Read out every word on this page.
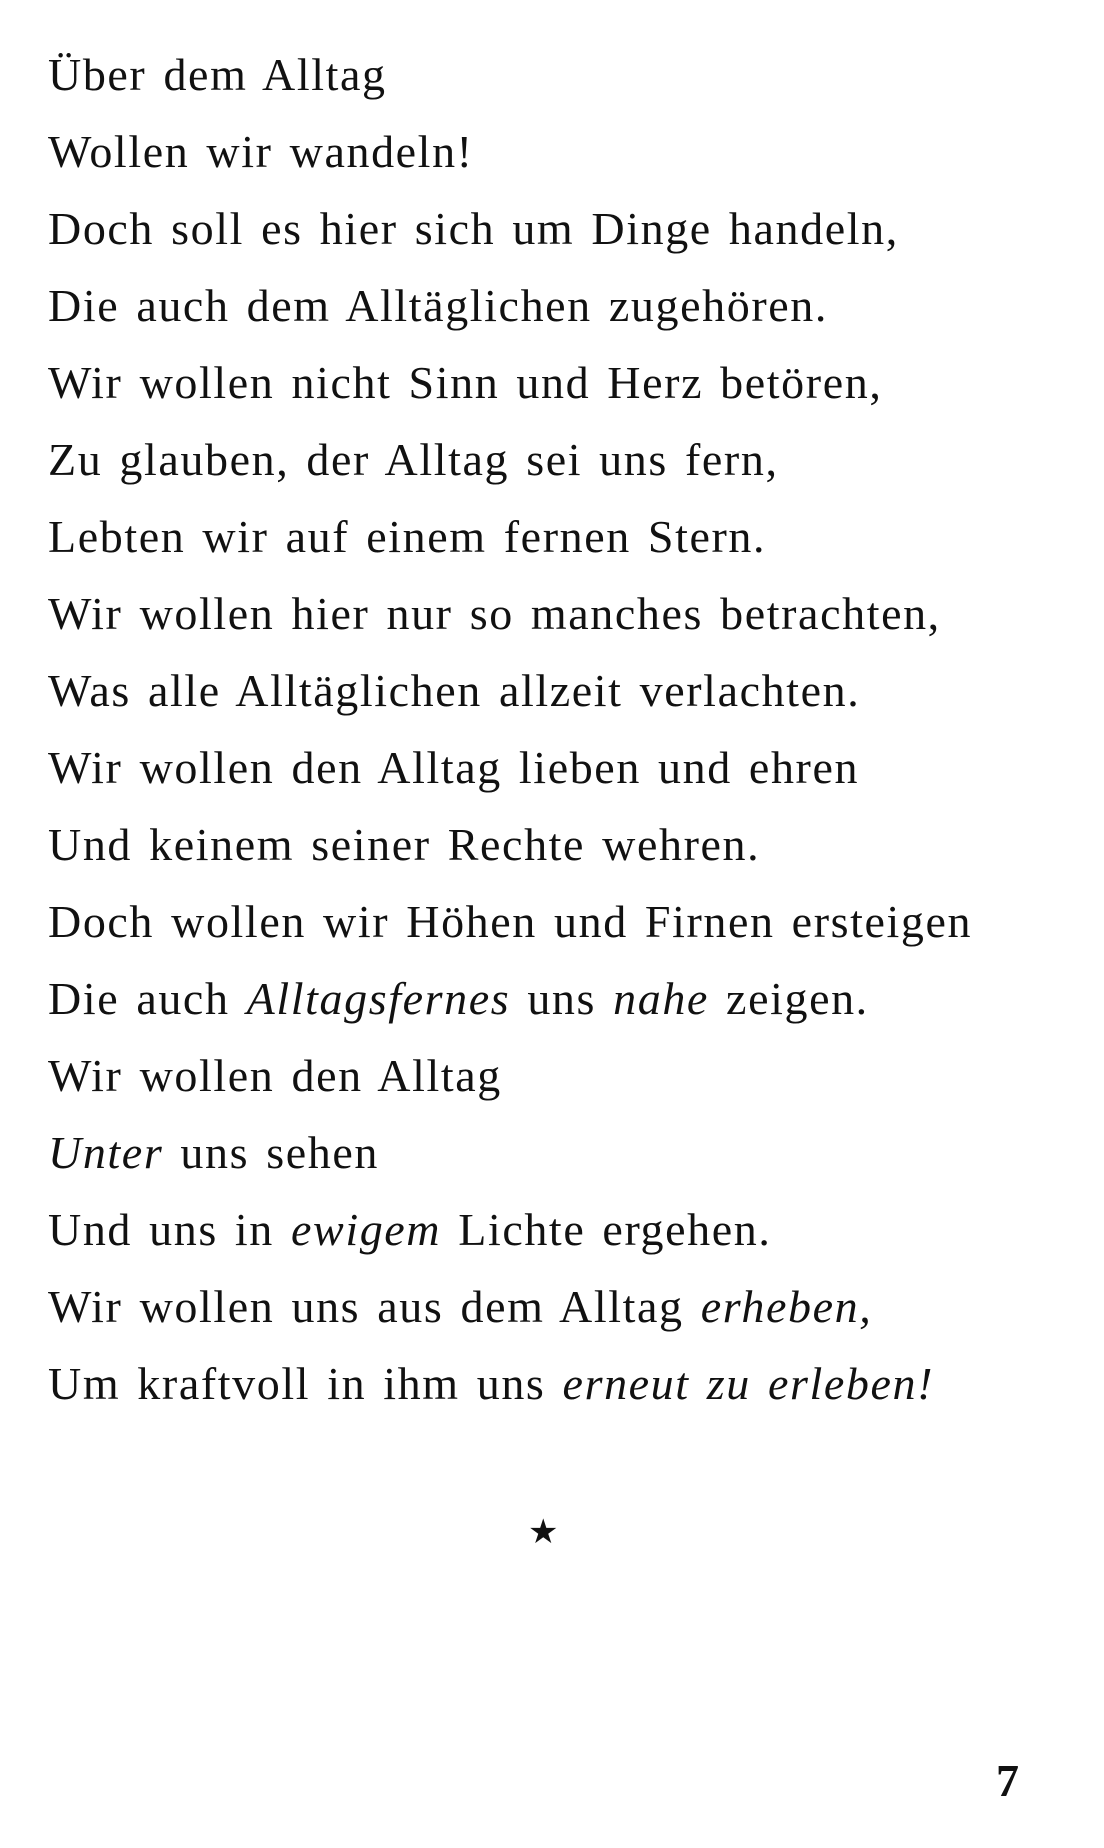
Über dem Alltag
Wollen wir wandeln!
Doch soll es hier sich um Dinge handeln,
Die auch dem Alltäglichen zugehören.
Wir wollen nicht Sinn und Herz betören,
Zu glauben, der Alltag sei uns fern,
Lebten wir auf einem fernen Stern.
Wir wollen hier nur so manches betrachten,
Was alle Alltäglichen allzeit verlachten.
Wir wollen den Alltag lieben und ehren
Und keinem seiner Rechte wehren.
Doch wollen wir Höhen und Firnen ersteigen
Die auch Alltagsfernes uns nahe zeigen.
Wir wollen den Alltag
Unter uns sehen
Und uns in ewigem Lichte ergehen.
Wir wollen uns aus dem Alltag erheben,
Um kraftvoll in ihm uns erneut zu erleben!
★
7
